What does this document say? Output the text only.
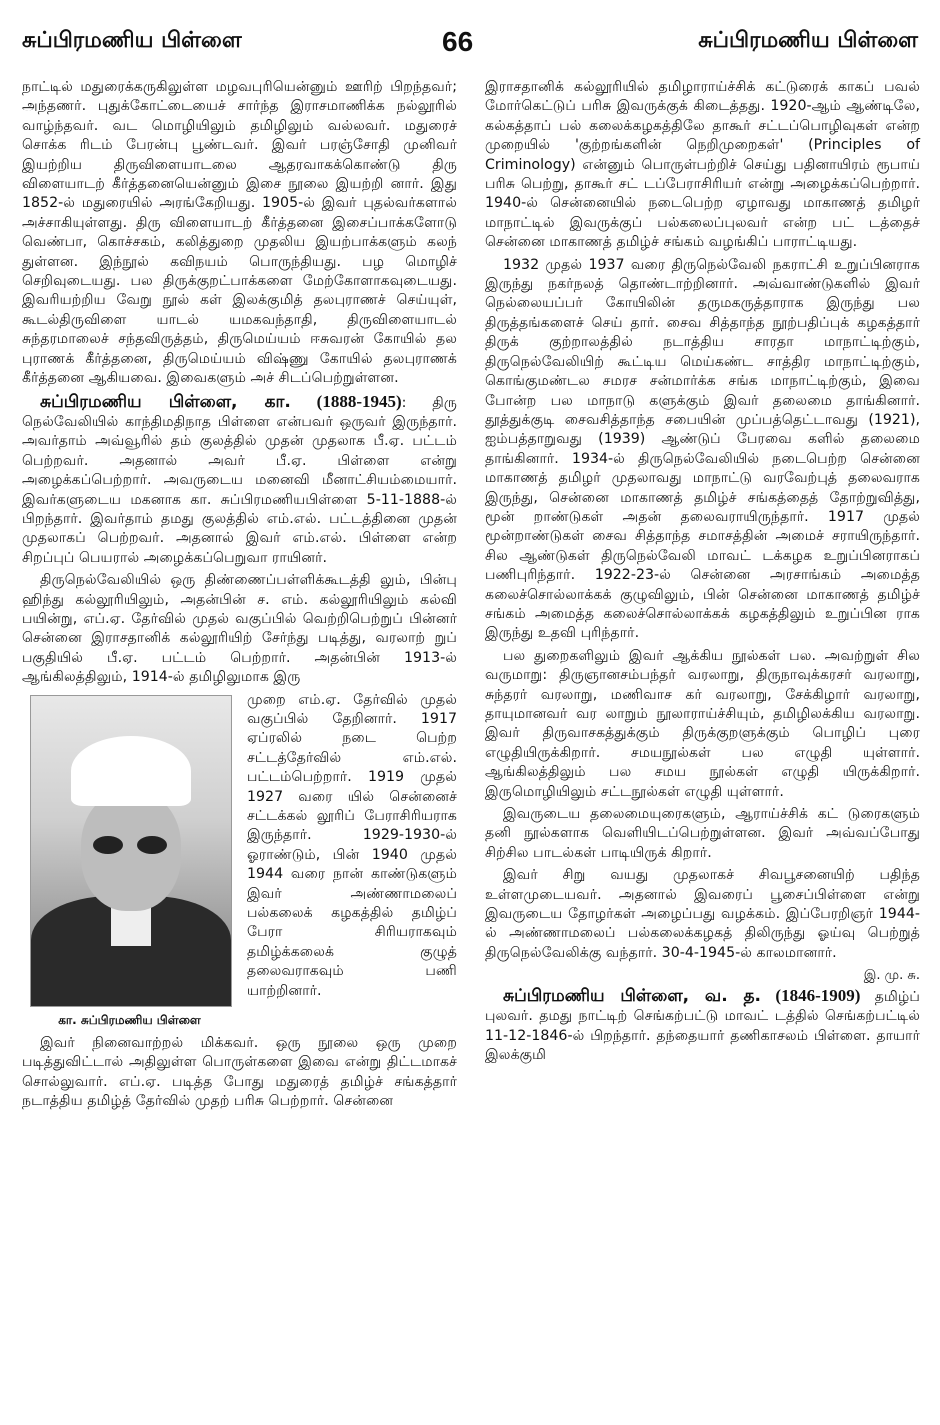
சுப்பிரமணிய பிள்ளை	66	சுப்பிரமணிய பிள்ளை

நாட்டில் மதுரைக்கருகிலுள்ள மழவபுரியென்னும் ஊரிற் பிறந்தவர்; அந்தணர். புதுக்கோட்டையைச் சார்ந்த இராசமாணிக்க நல்லூரில் வாழ்ந்தவர். வட மொழியிலும் தமிழிலும் வல்லவர். மதுரைச் சொக்க ரிடம் பேரன்பு பூண்டவர். இவர் பரஞ்சோதி முனிவர் இயற்றிய திருவிளையாடலை ஆதரவாகக்கொண்டு திரு விளையாடற் கீர்த்தனையென்னும் இசை நூலை இயற்றி னார். இது 1852-ல் மதுரையில் அரங்கேறியது. 1905-ல் இவர் புதல்வர்களால் அச்சாகியுள்ளது. திரு விளையாடற் கீர்த்தனை இசைப்பாக்களோடு வெண்பா, கொச்சகம், கலித்துறை முதலிய இயற்பாக்களும் கலந் துள்ளன. இந்நூல் கவிநயம் பொருந்தியது. பழ மொழிச் செறிவுடையது. பல திருக்குறட்பாக்களை மேற்கோளாகவுடையது. இவரியற்றிய வேறு நூல் கள் இலக்குமித் தலபுராணச் செய்யுள், கூடல்திருவிளை யாடல் யமகவந்தாதி, திருவிளையாடல் சுந்தரமாலைச் சந்தவிருத்தம், திருமெய்யம் ஈசுவரன் கோயில் தல புராணக் கீர்த்தனை, திருமெய்யம் விஷ்ணு கோயில் தலபுராணக் கீர்த்தனை ஆகியவை. இவைகளும் அச் சிடப்பெற்றுள்ளன.

சுப்பிரமணிய பிள்ளை, கா. (1888-1945): திரு நெல்வேலியில் காந்திமதிநாத பிள்ளை என்பவர் ஒருவர் இருந்தார். அவர்தாம் அவ்வூரில் தம் குலத்தில் முதன் முதலாக பீ.ஏ. பட்டம் பெற்றவர். அதனால் அவர் பீ.ஏ. பிள்ளை என்று அழைக்கப்பெற்றார். அவருடைய மனைவி மீனாட்சியம்மையார். இவர்களுடைய மகனாக கா. சுப்பிரமணியபிள்ளை 5-11-1888-ல் பிறந்தார். இவர்தாம் தமது குலத்தில் எம்.எல். பட்டத்தினை முதன் முதலாகப் பெற்றவர். அதனால் இவர் எம்.எல். பிள்ளை என்ற சிறப்புப் பெயரால் அழைக்கப்பெறுவா ராயினர்.

திருநெல்வேலியில் ஒரு திண்ணைப்பள்ளிக்கூடத்தி லும், பின்பு ஹிந்து கல்லூரியிலும், அதன்பின் ச. எம். கல்லூரியிலும் கல்வி பயின்று, எப்.ஏ. தேர்வில் முதல் வகுப்பில் வெற்றிபெற்றுப் பின்னர் சென்னை இராசதானிக் கல்லூரியிற் சேர்ந்து படித்து, வரலாற் றுப் பகுதியில் பீ.ஏ. பட்டம் பெற்றார். அதன்பின் 1913-ல் ஆங்கிலத்திலும், 1914-ல் தமிழிலுமாக இரு

கா. சுப்பிரமணிய பிள்ளை

முறை எம்.ஏ. தேர்வில் முதல் வகுப்பில் தேறினார். 1917 ஏப்ரலில் நடை பெற்ற சட்டத்தேர்வில் எம்.எல். பட்டம்பெற்றார். 1919 முதல் 1927 வரை யில் சென்னைச் சட்டக்கல் லூரிப் பேராசிரியராக இருந்தார். 1929-1930-ல் ஓராண்டும், பின் 1940 முதல் 1944 வரை நான் காண்டுகளும் இவர் அண்ணாமலைப் பல்கலைக் கழகத்தில் தமிழ்ப் பேரா சிரியராகவும் தமிழ்க்கலைக் குழுத் தலைவராகவும் பணி யாற்றினார்.

இவர் நினைவாற்றல் மிக்கவர். ஒரு நூலை ஒரு முறை படித்துவிட்டால் அதிலுள்ள பொருள்களை இவை என்று திட்டமாகச் சொல்லுவார். எப்.ஏ. படித்த போது மதுரைத் தமிழ்ச் சங்கத்தார் நடாத்திய தமிழ்த் தேர்வில் முதற் பரிசு பெற்றார். சென்னை

இராசதானிக் கல்லூரியில் தமிழாராய்ச்சிக் கட்டுரைக் காகப் பவல் மோர்கெட்டுப் பரிசு இவருக்குக் கிடைத்தது. 1920-ஆம் ஆண்டிலே, கல்கத்தாப் பல் கலைக்கழகத்திலே தாகூர் சட்டப்பொழிவுகள் என்ற முறையில் 'குற்றங்களின் நெறிமுறைகள்' (Principles of Criminology) என்னும் பொருள்பற்றிச் செய்து பதினாயிரம் ரூபாய் பரிசு பெற்று, தாகூர் சட் டப்பேராசிரியர் என்று அழைக்கப்பெற்றார். 1940-ல் சென்னையில் நடைபெற்ற ஏழாவது மாகாணத் தமிழர் மாநாட்டில் இவருக்குப் பல்கலைப்புலவர் என்ற பட் டத்தைச் சென்னை மாகாணத் தமிழ்ச் சங்கம் வழங்கிப் பாராட்டியது.

1932 முதல் 1937 வரை திருநெல்வேலி நகராட்சி உறுப்பினராக இருந்து நகர்நலத் தொண்டாற்றினார். அவ்வாண்டுகளில் இவர் நெல்லையப்பர் கோயிலின் தருமகருத்தாராக இருந்து பல திருத்தங்களைச் செய் தார். சைவ சித்தாந்த நூற்பதிப்புக் கழகத்தார் திருக் குற்றாலத்தில் நடாத்திய சாரதா மாநாட்டிற்கும், திருநெல்வேலியிற் கூட்டிய மெய்கண்ட சாத்திர மாநாட்டிற்கும், கொங்குமண்டல சமரச சன்மார்க்க சங்க மாநாட்டிற்கும், இவை போன்ற பல மாநாடு களுக்கும் இவர் தலைமை தாங்கினார். தூத்துக்குடி சைவசித்தாந்த சபையின் முப்பத்தெட்டாவது (1921), ஐம்பத்தாறுவது (1939) ஆண்டுப் பேரவை களில் தலைமை தாங்கினார். 1934-ல் திருநெல்வேலியில் நடைபெற்ற சென்னை மாகாணத் தமிழர் முதலாவது மாநாட்டு வரவேற்புத் தலைவராக இருந்து, சென்னை மாகாணத் தமிழ்ச் சங்கத்தைத் தோற்றுவித்து, மூன் றாண்டுகள் அதன் தலைவராயிருந்தார். 1917 முதல் மூன்றாண்டுகள் சைவ சித்தாந்த சமாசத்தின் அமைச் சராயிருந்தார். சில ஆண்டுகள் திருநெல்வேலி மாவட் டக்கழக உறுப்பினராகப் பணிபுரிந்தார். 1922-23-ல் சென்னை அரசாங்கம் அமைத்த கலைச்சொல்லாக்கக் குழுவிலும், பின் சென்னை மாகாணத் தமிழ்ச் சங்கம் அமைத்த கலைச்சொல்லாக்கக் கழகத்திலும் உறுப்பின ராக இருந்து உதவி புரிந்தார்.

பல துறைகளிலும் இவர் ஆக்கிய நூல்கள் பல. அவற்றுள் சில வருமாறு: திருஞானசம்பந்தர் வரலாறு, திருநாவுக்கரசர் வரலாறு, சுந்தரர் வரலாறு, மணிவாச கர் வரலாறு, சேக்கிழார் வரலாறு, தாயுமானவர் வர லாறும் நூலாராய்ச்சியும், தமிழிலக்கிய வரலாறு. இவர் திருவாசகத்துக்கும் திருக்குறளுக்கும் பொழிப் புரை எழுதியிருக்கிறார். சமயநூல்கள் பல எழுதி யுள்ளார். ஆங்கிலத்திலும் பல சமய நூல்கள் எழுதி யிருக்கிறார். இருமொழியிலும் சட்டநூல்கள் எழுதி யுள்ளார்.

இவருடைய தலைமையுரைகளும், ஆராய்ச்சிக் கட் டுரைகளும் தனி நூல்களாக வெளியிடப்பெற்றுள்ளன. இவர் அவ்வப்போது சிற்சில பாடல்கள் பாடியிருக் கிறார்.

இவர் சிறு வயது முதலாகச் சிவபூசனையிற் பதிந்த உள்ளமுடையவர். அதனால் இவரைப் பூசைப்பிள்ளை என்று இவருடைய தோழர்கள் அழைப்பது வழக்கம். இப்பேரறிஞர் 1944-ல் அண்ணாமலைப் பல்கலைக்கழகத் திலிருந்து ஓய்வு பெற்றுத் திருநெல்வேலிக்கு வந்தார். 30-4-1945-ல் காலமானார்.

இ. மு. சு.

சுப்பிரமணிய பிள்ளை, வ. த. (1846-1909) தமிழ்ப் புலவர். தமது நாட்டிற் செங்கற்பட்டு மாவட் டத்தில் செங்கற்பட்டில் 11-12-1846-ல் பிறந்தார். தந்தையார் தணிகாசலம் பிள்ளை. தாயார் இலக்குமி
